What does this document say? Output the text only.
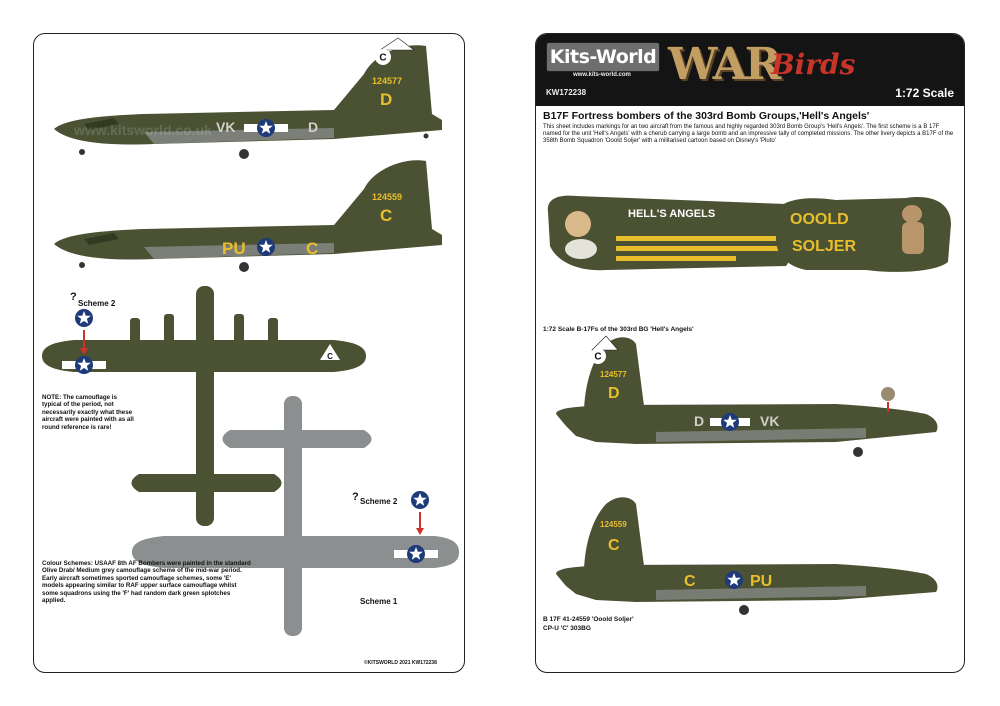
C
124577
D
VK	D
124559
C
PU	C
C
?
Scheme 2
? Scheme 2
Scheme 1
NOTE: The camouflage is typical of the period, not necessarily exactly what these aircraft were painted with as all round reference is rare!
Colour Schemes: USAAF 8th AF Bombers were painted in the standard Olive Drab/ Medium grey camouflage scheme of the mid-war period. Early aircraft sometimes sported camouflage schemes, some 'E' models appearing similar to RAF upper surface camouflage whilst some squadrons using the 'F' had random dark green splotches applied.
©KITSWORLD 2021 KW172238
www.kitsworld.co.uk
Kits-World
www.kits-world.com
KW172238
WAR
Birds
1:72 Scale
B17F Fortress bombers of the 303rd Bomb Groups,'Hell's Angels'
This sheet includes markings for an two aircraft from the famous and highly regarded 303rd Bomb Group's 'Hell's Angels'. The first scheme is a B 17F named for the unit 'Hell's Angels' with a cherub carrying a large bomb and an impressive tally of completed missions. The other livery depicts a B17F of the 358th Bomb Squadron 'Ooold Soljer' with a militarised cartoon based on Disney's 'Pluto'
HELL'S ANGELS	OOOLD
SOLJER
C
124577
D
D	VK
124559
C
C	PU
1:72 Scale B-17Fs of the 303rd BG 'Hell's Angels'
B 17F 41-24559 'Ooold Soljer'
CP-U 'C' 303BG
